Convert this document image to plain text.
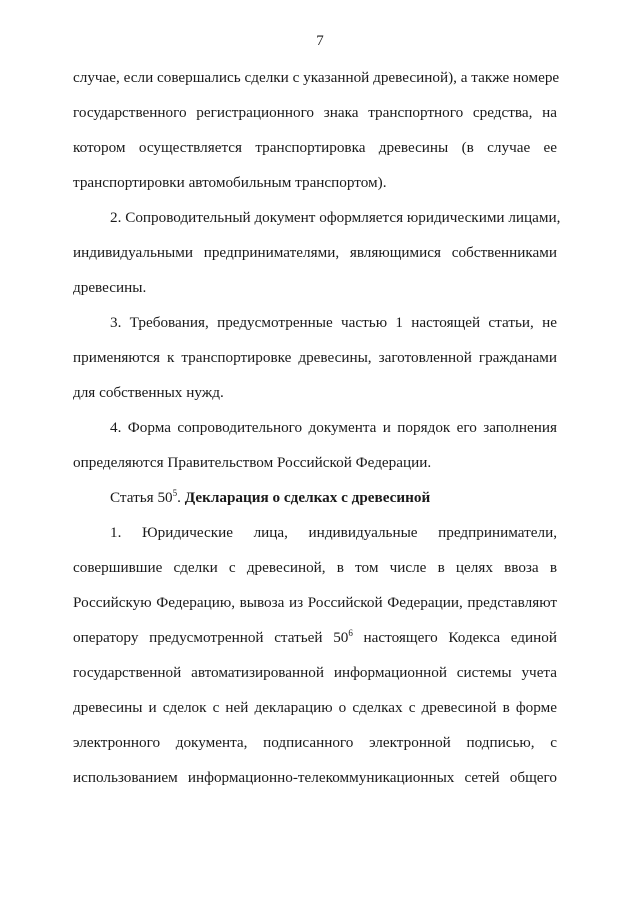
7
случае, если совершались сделки с указанной древесиной), а также номере
государственного регистрационного знака транспортного средства, на
котором осуществляется транспортировка древесины (в случае ее
транспортировки автомобильным транспортом).
2. Сопроводительный документ оформляется юридическими лицами,
индивидуальными предпринимателями, являющимися собственниками
древесины.
3. Требования, предусмотренные частью 1 настоящей статьи, не
применяются к транспортировке древесины, заготовленной гражданами
для собственных нужд.
4. Форма сопроводительного документа и порядок его заполнения
определяются Правительством Российской Федерации.
Статья $50^5$. Декларация о сделках с древесиной
1. Юридические лица, индивидуальные предприниматели,
совершившие сделки с древесиной, в том числе в целях ввоза в
Российскую Федерацию, вывоза из Российской Федерации, представляют
оператору предусмотренной статьей $50^6$ настоящего Кодекса единой
государственной автоматизированной информационной системы учета
древесины и сделок с ней декларацию о сделках с древесиной в форме
электронного документа, подписанного электронной подписью, с
использованием информационно-телекоммуникационных сетей общего
